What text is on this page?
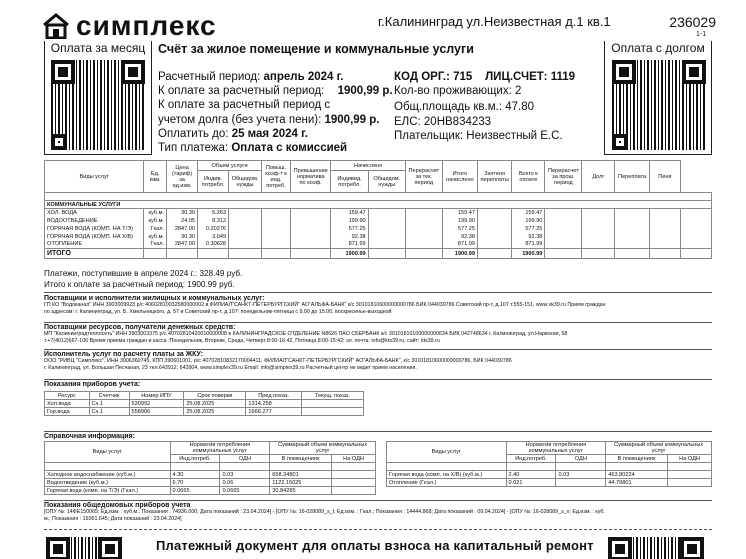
симплекс	г.Калининград ул.Неизвестная д.1 кв.1	236029
1-1
Оплата за месяц	Оплата с долгом
Счёт за жилое помещение и коммунальные услуги
Расчетный период: апрель 2024 г.
К оплате за расчетный период: 1900,99 р.
К оплате за расчетный период с
учетом долга (без учета пени): 1900,99 р.
Оплатить до: 25 мая 2024 г.
Тип платежа: Оплата с комиссией
КОД ОРГ.: 715 ЛИЦ.СЧЕТ: 1119
Кол-во проживающих: 2
Общ.площадь кв.м.: 47.80
ЕЛС: 20НВ834233
Плательщик: Неизвестный Е.С.
Виды услуг	Ед. изм.	Цена (тариф) за ед.изм.	Объем услуги		Повыш. коэф-т к инд. потреб.	Превышение норматива по коэф.	Начислено		Перерасчет за тек. период	Итого начислено	Зачтено переплаты	Всего к оплате	Перерасчет за прош. период	Долг	Переплата	Пеня	
			Индив. потребл.	Общедом. нужды			Индивид. потребл.	Общедом. нужды									

КОММУНАЛЬНЫЕ УСЛУГИ																	
ХОЛ. ВОДА	куб.м.	30.30	5.263				159.47			159.47		159.47					
ВОДООТВЕДЕНИЕ	куб.м.	24.05	8.312				199.90			199.90		199.90					
ГОРЯЧАЯ ВОДА (КОМП. НА Т/Э)	Гкал.	2847.00	0.20276				577.25			577.25		577.25					
ГОРЯЧАЯ ВОДА (КОМП. НА Х/В)	куб.м.	30.30	3.049				92.38			92.38		92.38					
ОТОПЛЕНИЕ	Гкал.	2847.00	0.30628				871.99			871.99		871.99					
ИТОГО							1900.99			1900.99		1900.99					
Платежи, поступившие в апреле 2024 г.: 328.49 руб.
Итого к оплате за расчетный период: 1900.99 руб.
Поставщики и исполнители жилищных и коммунальных услуг:
ГП КО "Водоканал" ИНН 3903009923 р/с 40602810032580000002 в ФИЛИАЛ"САНКТ-ПЕТЕРБУРГСКИЙ" АО"АЛЬФА-БАНК" к/с 30101810600000000786 БИК 044030786 Советский пр-т, д.107 т.555-151, www.vk39.ru Прием граждан
по адресам: г. Калининград, ул. Б. Хмельницкого, д. 57 и Советский пр-т, д.107: понедельник-пятница с 9.00 до 15.00, воскресенье-выходной
Поставщики ресурсов, получатели денежных средств:
МП "Калининградтеплосеть" ИНН 3903003375 р/с 40702810420010000008 в КАЛИНИНГРАДСКОЕ ОТДЕЛЕНИЕ N8626 ПАО СБЕРБАНК к/с 30101810100000000634 БИК 042748634 г. Калининград, ул.Нарвская, 58
т.+7(4012)667-106 Время приема граждан и касса :Понедельник, Вторник, Среда, Четверг 8:00-16:42, Пятница 8:00-15:42; эл. почта: info@kts39.ru, сайт: kts39.ru
Исполнитель услуг по расчету платы за ЖКУ:
ООО "РИВЦ "Симплекс", ИНН 3906360745, КПП 390601001, р/с 40702810832170004411, ФИЛИАЛ"САНКТ-ПЕТЕРБУРГСКИЙ" АО"АЛЬФА-БАНК", к/с 30101810600000000786, БИК 044030786
г. Калининград, ул. Большая Песчаная, 23 тел.643912, 643904, www.simplex39.ru Email: info@simplex39.ru Расчетный центр не ведет прием населения.
Показания приборов учета:
Ресурс	Счетчик	Номер ИПУ	Срок поверки	Пред.показ.	Текущ. показ.
Хол.вода	Сч.1	530992	25.08.2025	1314.258	
Гор.вода	Сч.1	558906	25.08.2025	1666.277	
Справочная информация:
Виды услуг	Норматив потребления коммунальных услуг		Суммарный объем коммунальных услуг	
	Инд.потреб.	ОДН	В помещениях	На ОДН

Холодное водоснабжение (куб.м.)	4.30	0.03	658.34801	
Водоотведение (куб.м.)	6.70	0.06	1122.15025	
Горячая вода (комп. на Т/Э) (Гкал.)	0.0665	0.0665	30.84285	
Виды услуг	Норматив потребления коммунальных услуг		Суммарный объем коммунальных услуг	
	Инд.потреб.	ОДН	В помещениях	На ОДН

Горячая вода (комп. на Х/В) (куб.м.)	2.40	0.03	463.80224	
Отопление (Гкал.)	0.021		44.79801	
Показания общедомовых приборов учета
[ОПУ №: 14ФЕ150065; Ед.изм. : куб.м.; Показания : 74936.000; Дата показаний : 23.04.2024] - [ОПУ №: 16-028089_s_t; Ед.изм. : Гкал.; Показания : 14444.868; Дата показаний : 09.04.2024] - [ОПУ №: 16-028089_s_v; Ед.изм. : куб.
м.; Показания : 19261.645; Дата показаний : 23.04.2024]
Платежный документ для оплаты взноса на капитальный ремонт
